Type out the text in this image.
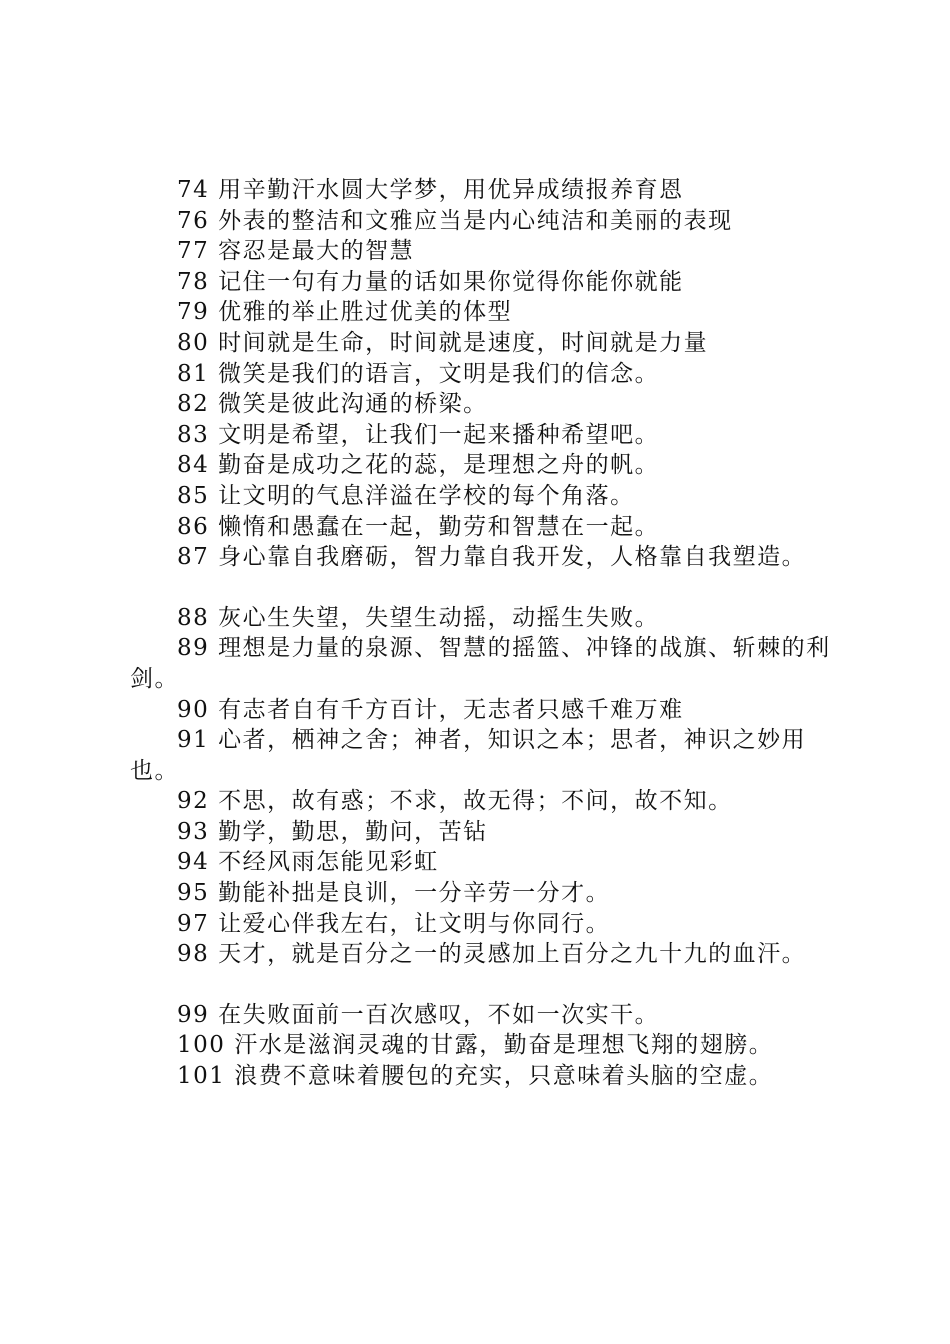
74 用辛勤汗水圆大学梦，用优异成绩报养育恩

76 外表的整洁和文雅应当是内心纯洁和美丽的表现

77 容忍是最大的智慧

78 记住一句有力量的话如果你觉得你能你就能

79 优雅的举止胜过优美的体型

80 时间就是生命，时间就是速度，时间就是力量

81 微笑是我们的语言，文明是我们的信念。

82 微笑是彼此沟通的桥梁。

83 文明是希望，让我们一起来播种希望吧。

84 勤奋是成功之花的蕊，是理想之舟的帆。

85 让文明的气息洋溢在学校的每个角落。

86 懒惰和愚蠢在一起，勤劳和智慧在一起。

87 身心靠自我磨砺，智力靠自我开发，人格靠自我塑造。

88 灰心生失望，失望生动摇，动摇生失败。

89 理想是力量的泉源、智慧的摇篮、冲锋的战旗、斩棘的利剑。

90 有志者自有千方百计，无志者只感千难万难

91 心者，栖神之舍；神者，知识之本；思者，神识之妙用也。

92 不思，故有惑；不求，故无得；不问，故不知。

93 勤学，勤思，勤问，苦钻

94 不经风雨怎能见彩虹

95 勤能补拙是良训，一分辛劳一分才。

97 让爱心伴我左右，让文明与你同行。

98 天才，就是百分之一的灵感加上百分之九十九的血汗。

99 在失败面前一百次感叹，不如一次实干。

100 汗水是滋润灵魂的甘露，勤奋是理想飞翔的翅膀。

101 浪费不意味着腰包的充实，只意味着头脑的空虚。
